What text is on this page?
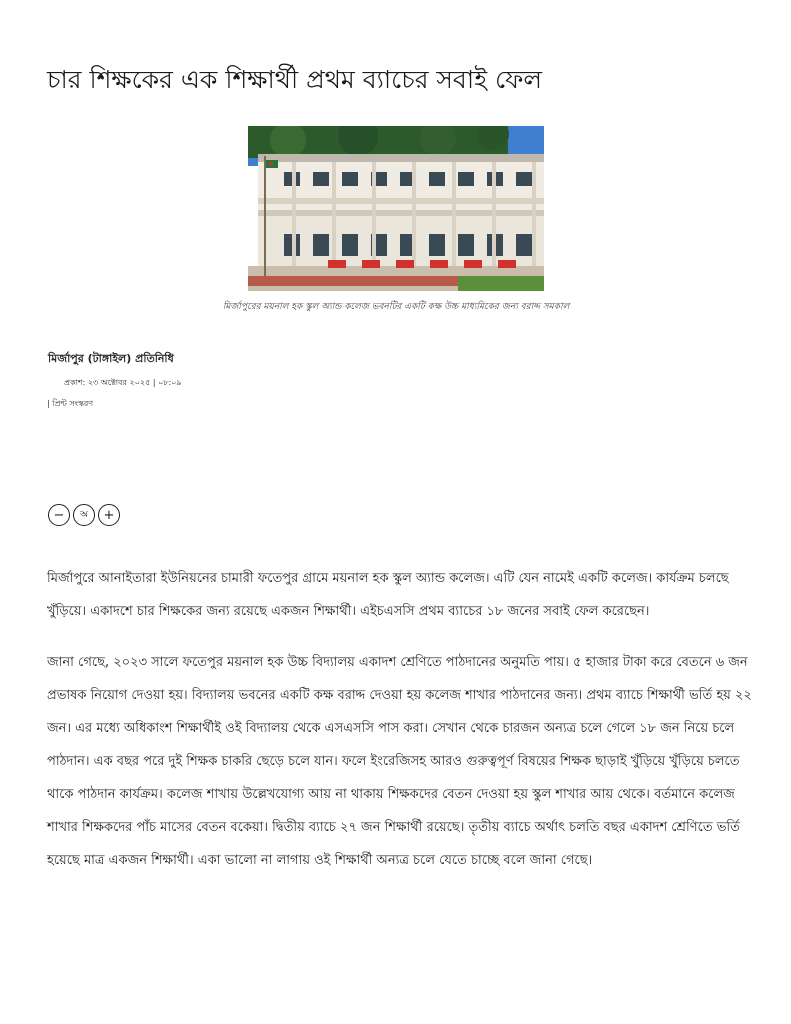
চার শিক্ষকের এক শিক্ষার্থী প্রথম ব্যাচের সবাই ফেল
মির্জাপুরের ময়নাল হক স্কুল অ্যান্ড কলেজ ভবনটির একটি কক্ষ উচ্চ মাধ্যমিকের জন্য বরাদ্দ সমকাল
মির্জাপুর (টাঙ্গাইল) প্রতিনিধি
প্রকাশ: ২৩ অক্টোবর ২০২৫ | ০৮:০৯
| প্রিন্ট সংস্করণ
−	অ	+

মির্জাপুরে আনাইতারা ইউনিয়নের চামারী ফতেপুর গ্রামে ময়নাল হক স্কুল অ্যান্ড কলেজ। এটি যেন নামেই একটি কলেজ। কার্যক্রম চলছে খুঁড়িয়ে। একাদশে চার শিক্ষকের জন্য রয়েছে একজন শিক্ষার্থী। এইচএসসি প্রথম ব্যাচের ১৮ জনের সবাই ফেল করেছেন।

জানা গেছে, ২০২৩ সালে ফতেপুর ময়নাল হক উচ্চ বিদ্যালয় একাদশ শ্রেণিতে পাঠদানের অনুমতি পায়। ৫ হাজার টাকা করে বেতনে ৬ জন প্রভাষক নিয়োগ দেওয়া হয়। বিদ্যালয় ভবনের একটি কক্ষ বরাদ্দ দেওয়া হয় কলেজ শাখার পাঠদানের জন্য। প্রথম ব্যাচে শিক্ষার্থী ভর্তি হয় ২২ জন। এর মধ্যে অধিকাংশ শিক্ষার্থীই ওই বিদ্যালয় থেকে এসএসসি পাস করা। সেখান থেকে চারজন অন্যত্র চলে গেলে ১৮ জন নিয়ে চলে পাঠদান। এক বছর পরে দুই শিক্ষক চাকরি ছেড়ে চলে যান। ফলে ইংরেজিসহ আরও গুরুত্বপূর্ণ বিষয়ের শিক্ষক ছাড়াই খুঁড়িয়ে খুঁড়িয়ে চলতে থাকে পাঠদান কার্যক্রম। কলেজ শাখায় উল্লেখযোগ্য আয় না থাকায় শিক্ষকদের বেতন দেওয়া হয় স্কুল শাখার আয় থেকে। বর্তমানে কলেজ শাখার শিক্ষকদের পাঁচ মাসের বেতন বকেয়া। দ্বিতীয় ব্যাচে ২৭ জন শিক্ষার্থী রয়েছে। তৃতীয় ব্যাচে অর্থাৎ চলতি বছর একাদশ শ্রেণিতে ভর্তি হয়েছে মাত্র একজন শিক্ষার্থী। একা ভালো না লাগায় ওই শিক্ষার্থী অন্যত্র চলে যেতে চাচ্ছে বলে জানা গেছে।
